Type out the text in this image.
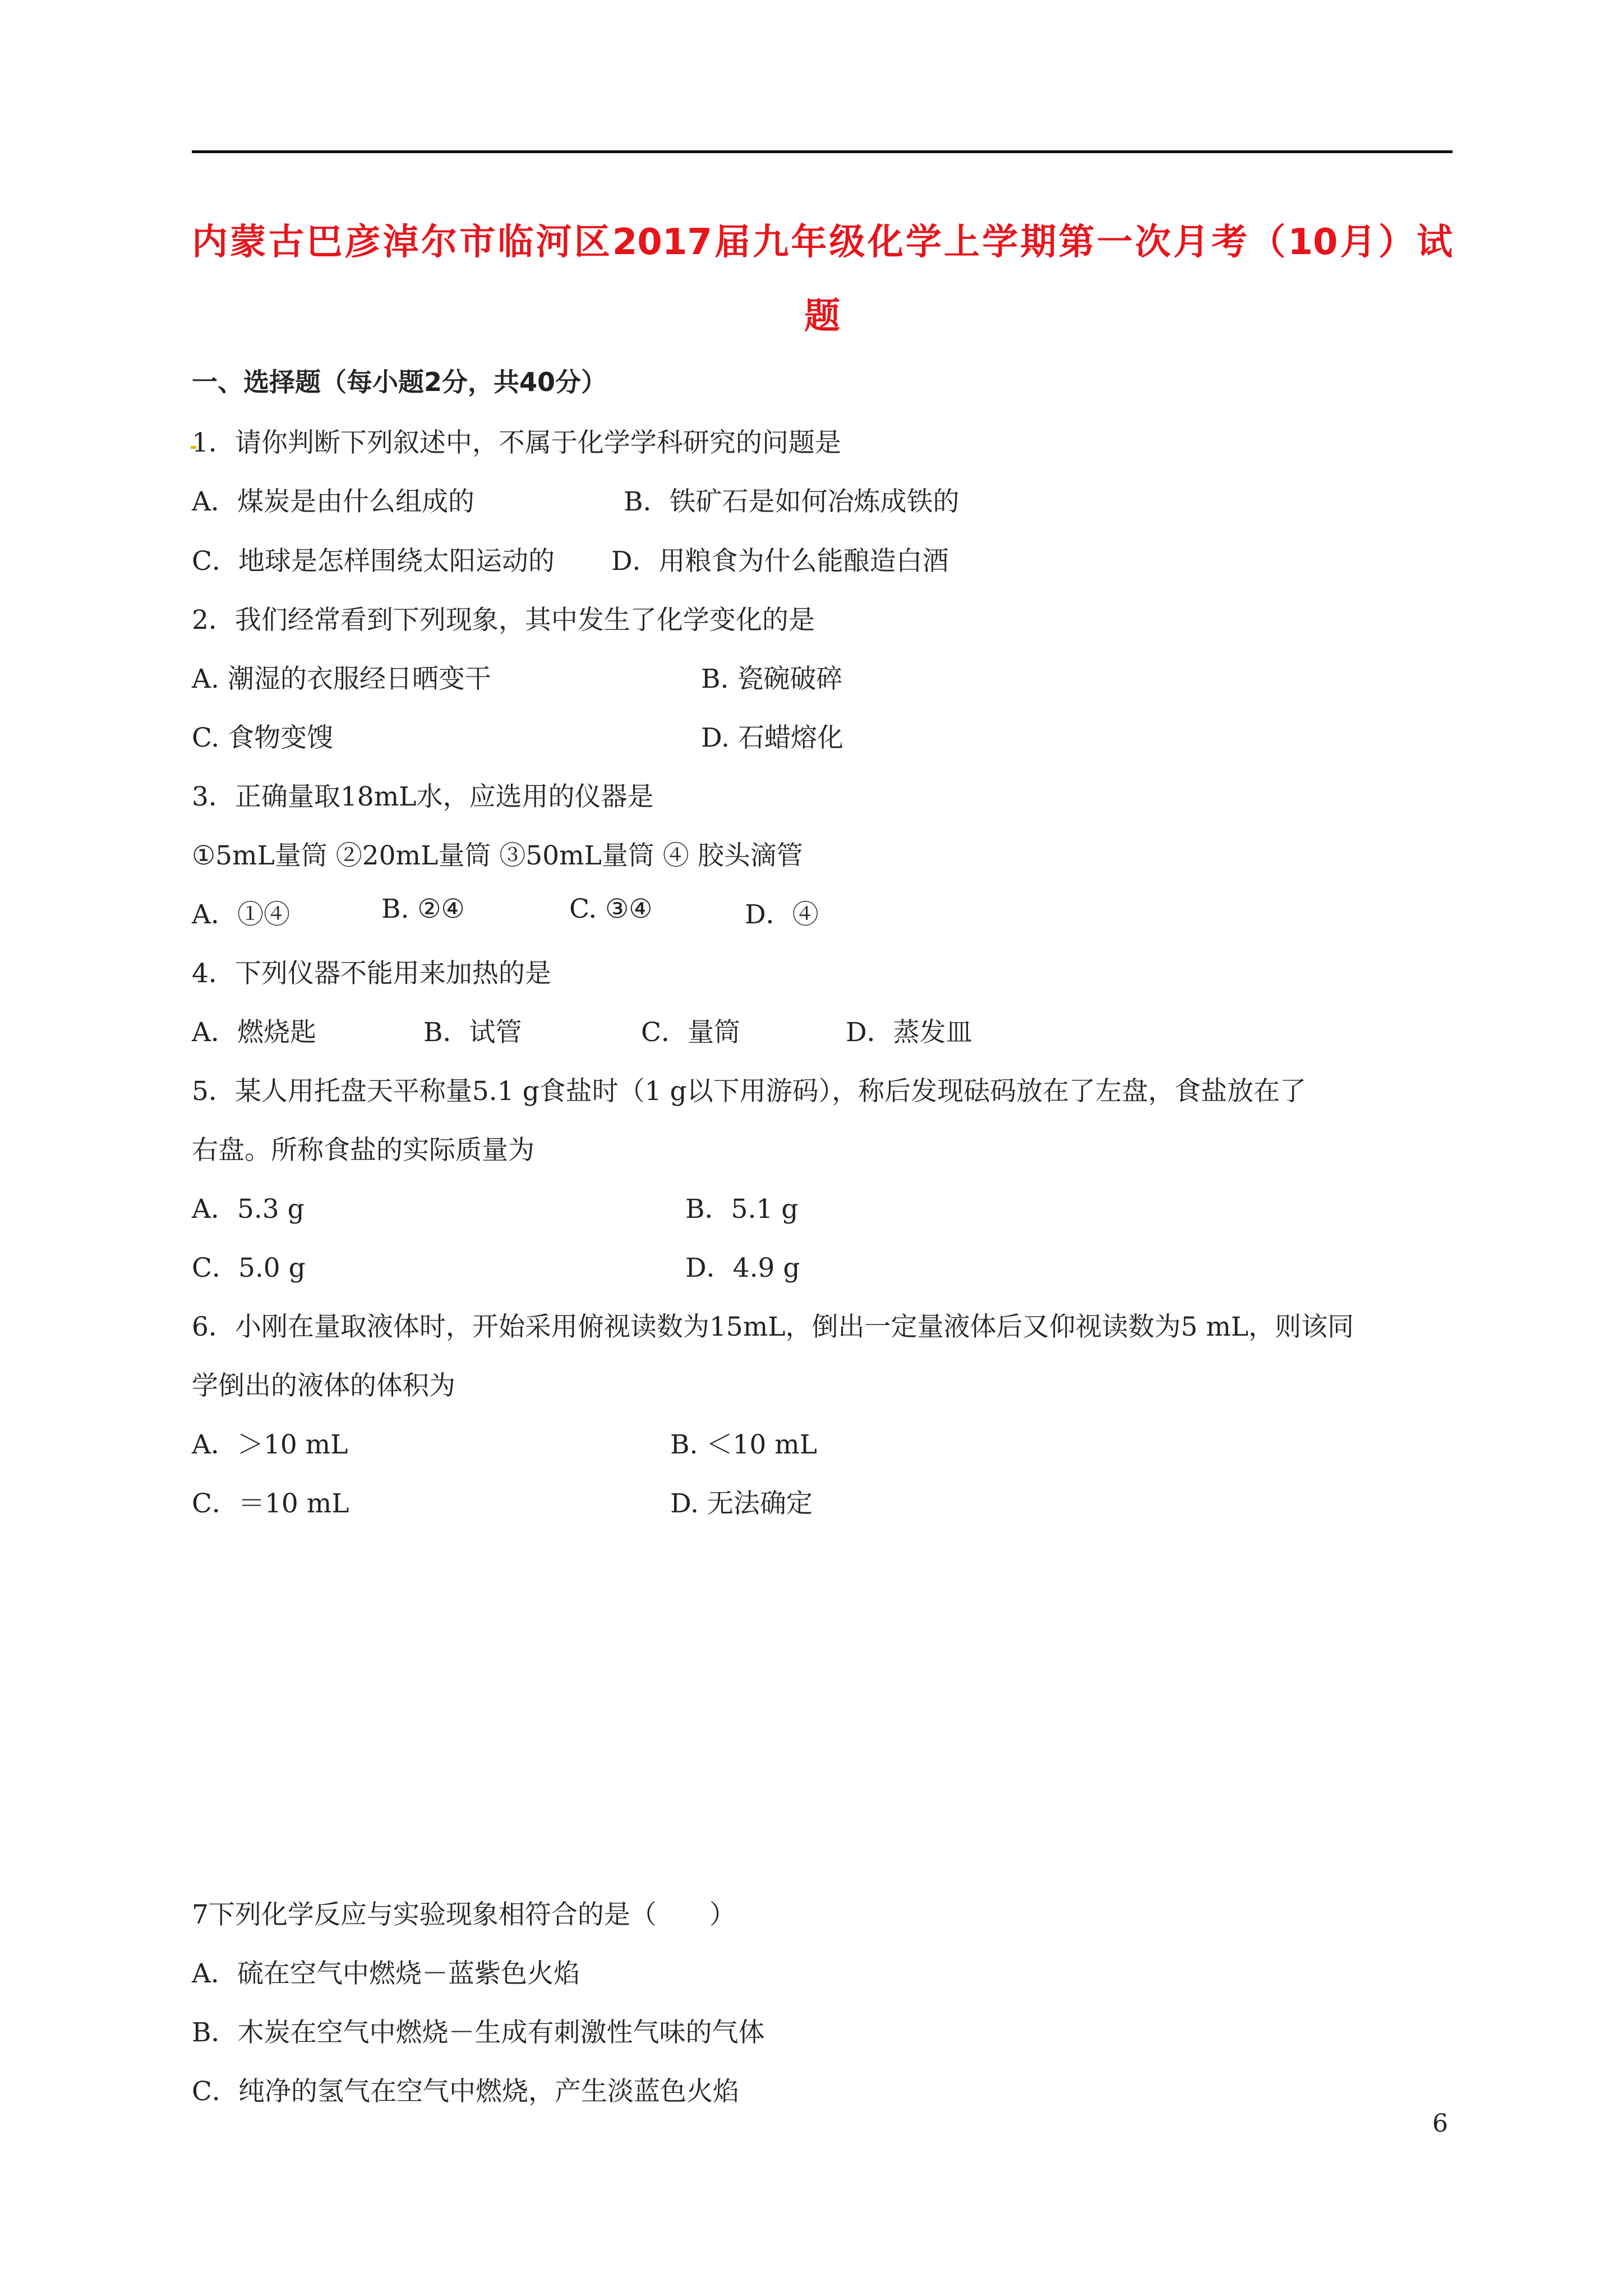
内蒙古巴彦淖尔市临河区2017届九年级化学上学期第一次月考（10月）试
题
一、选择题（每小题2分，共40分）
1．请你判断下列叙述中，不属于化学学科研究的问题是
A．煤炭是由什么组成的	B．铁矿石是如何冶炼成铁的
C．地球是怎样围绕太阳运动的 D．用粮食为什么能酿造白酒
2．我们经常看到下列现象，其中发生了化学变化的是
A. 潮湿的衣服经日晒变干	B. 瓷碗破碎
C. 食物变馊	D. 石蜡熔化
3．正确量取18mL水，应选用的仪器是
①5mL量筒 ②20mL量筒 ③50mL量筒 ④ 胶头滴管
A．①④	B. ②④	C. ③④	D．④
4．下列仪器不能用来加热的是
A．燃烧匙	B．试管	C．量筒	D．蒸发皿
5．某人用托盘天平称量5.1 g食盐时（1 g以下用游码），称后发现砝码放在了左盘，食盐放在了
右盘。所称食盐的实际质量为
A．5.3 g	B．5.1 g
C．5.0 g	D．4.9 g
6．小刚在量取液体时，开始采用俯视读数为15mL，倒出一定量液体后又仰视读数为5 mL，则该同
学倒出的液体的体积为
A．＞10 mL	B. ＜10 mL
C．＝10 mL	D. 无法确定
7下列化学反应与实验现象相符合的是（　　）
A．硫在空气中燃烧－蓝紫色火焰
B．木炭在空气中燃烧－生成有刺激性气味的气体
C．纯净的氢气在空气中燃烧，产生淡蓝色火焰
6
